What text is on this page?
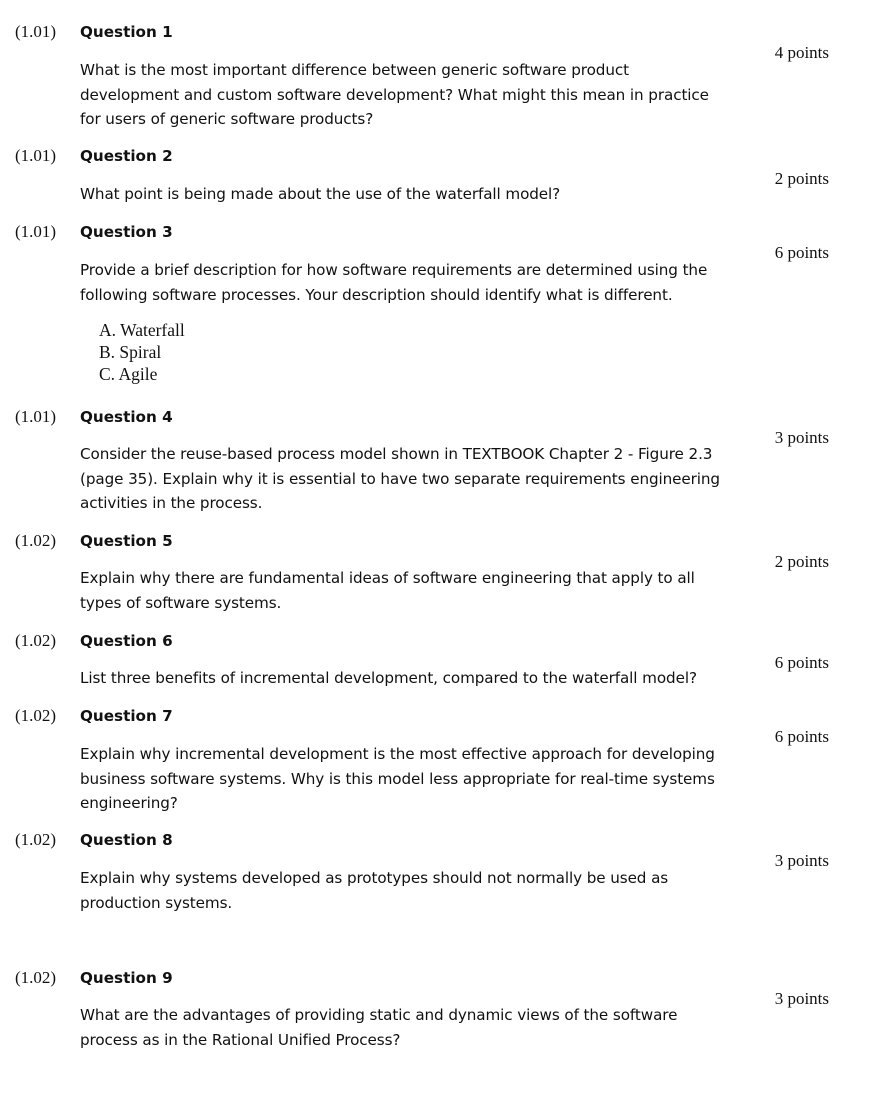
(1.01) Question 1
4 points
What is the most important difference between generic software product
development and custom software development? What might this mean in practice
for users of generic software products?
(1.01) Question 2
2 points
What point is being made about the use of the waterfall model?
(1.01) Question 3
6 points
Provide a brief description for how software requirements are determined using the
following software processes. Your description should identify what is different.
A. Waterfall
B. Spiral
C. Agile
(1.01) Question 4
3 points
Consider the reuse-based process model shown in TEXTBOOK Chapter 2 - Figure 2.3
(page 35). Explain why it is essential to have two separate requirements engineering
activities in the process.
(1.02) Question 5
2 points
Explain why there are fundamental ideas of software engineering that apply to all
types of software systems.
(1.02) Question 6
6 points
List three benefits of incremental development, compared to the waterfall model?
(1.02) Question 7
6 points
Explain why incremental development is the most effective approach for developing
business software systems. Why is this model less appropriate for real-time systems
engineering?
(1.02) Question 8
3 points
Explain why systems developed as prototypes should not normally be used as
production systems.
(1.02) Question 9
3 points
What are the advantages of providing static and dynamic views of the software
process as in the Rational Unified Process?
